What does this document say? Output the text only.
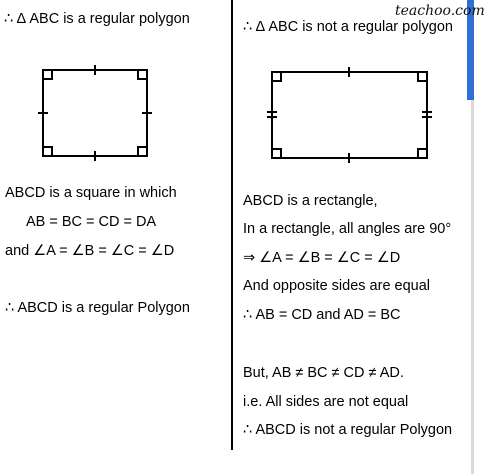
teachoo.com
∴ Δ ABC is a regular polygon
ABCD is a square in which
AB = BC = CD = DA
and ∠A = ∠B = ∠C = ∠D
∴ ABCD is a regular Polygon
∴ Δ ABC is not a regular polygon
ABCD is a rectangle,
In a rectangle, all angles are 90°
⇒ ∠A = ∠B = ∠C = ∠D
And opposite sides are equal
∴ AB = CD and AD = BC
But, AB ≠ BC ≠ CD ≠ AD.
i.e. All sides are not equal
∴ ABCD is not a regular Polygon
